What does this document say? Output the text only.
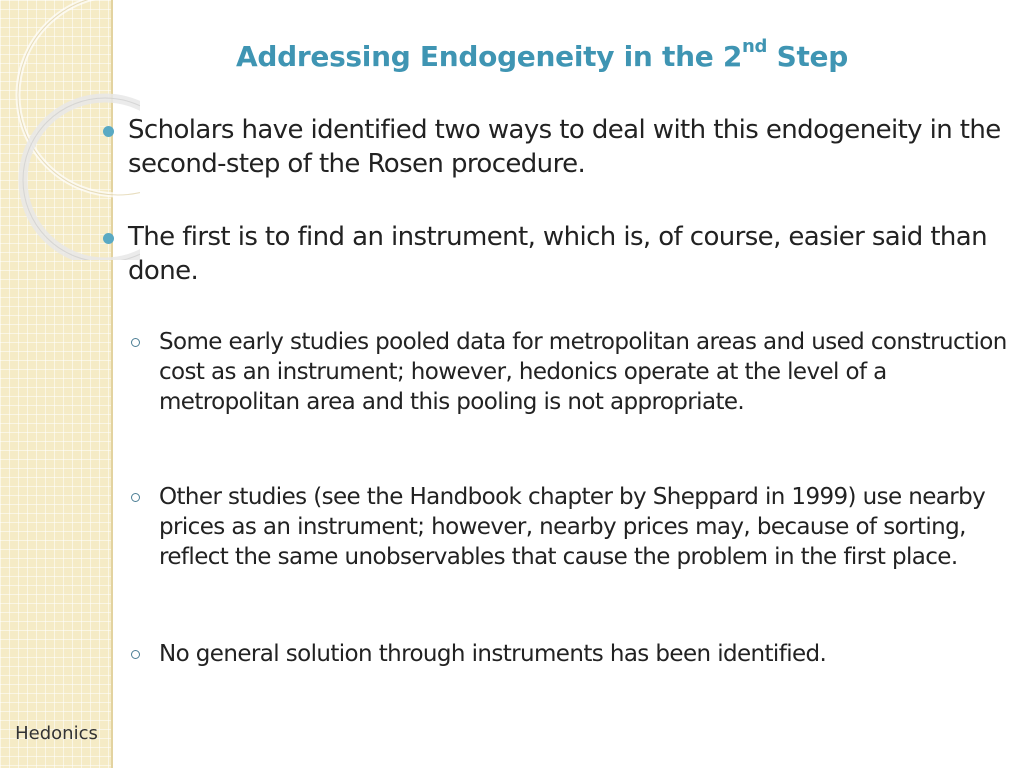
Hedonics
Addressing Endogeneity in the 2nd Step
Scholars have identified two ways to deal with this endogeneity in the second-step of the Rosen procedure.
The first is to find an instrument, which is, of course, easier said than done.
Some early studies pooled data for metropolitan areas and used construction cost as an instrument; however, hedonics operate at the level of a metropolitan area and this pooling is not appropriate.
Other studies (see the Handbook chapter by Sheppard in 1999) use nearby prices as an instrument; however, nearby prices may, because of sorting, reflect the same unobservables that cause the problem in the first place.
No general solution through instruments has been identified.
